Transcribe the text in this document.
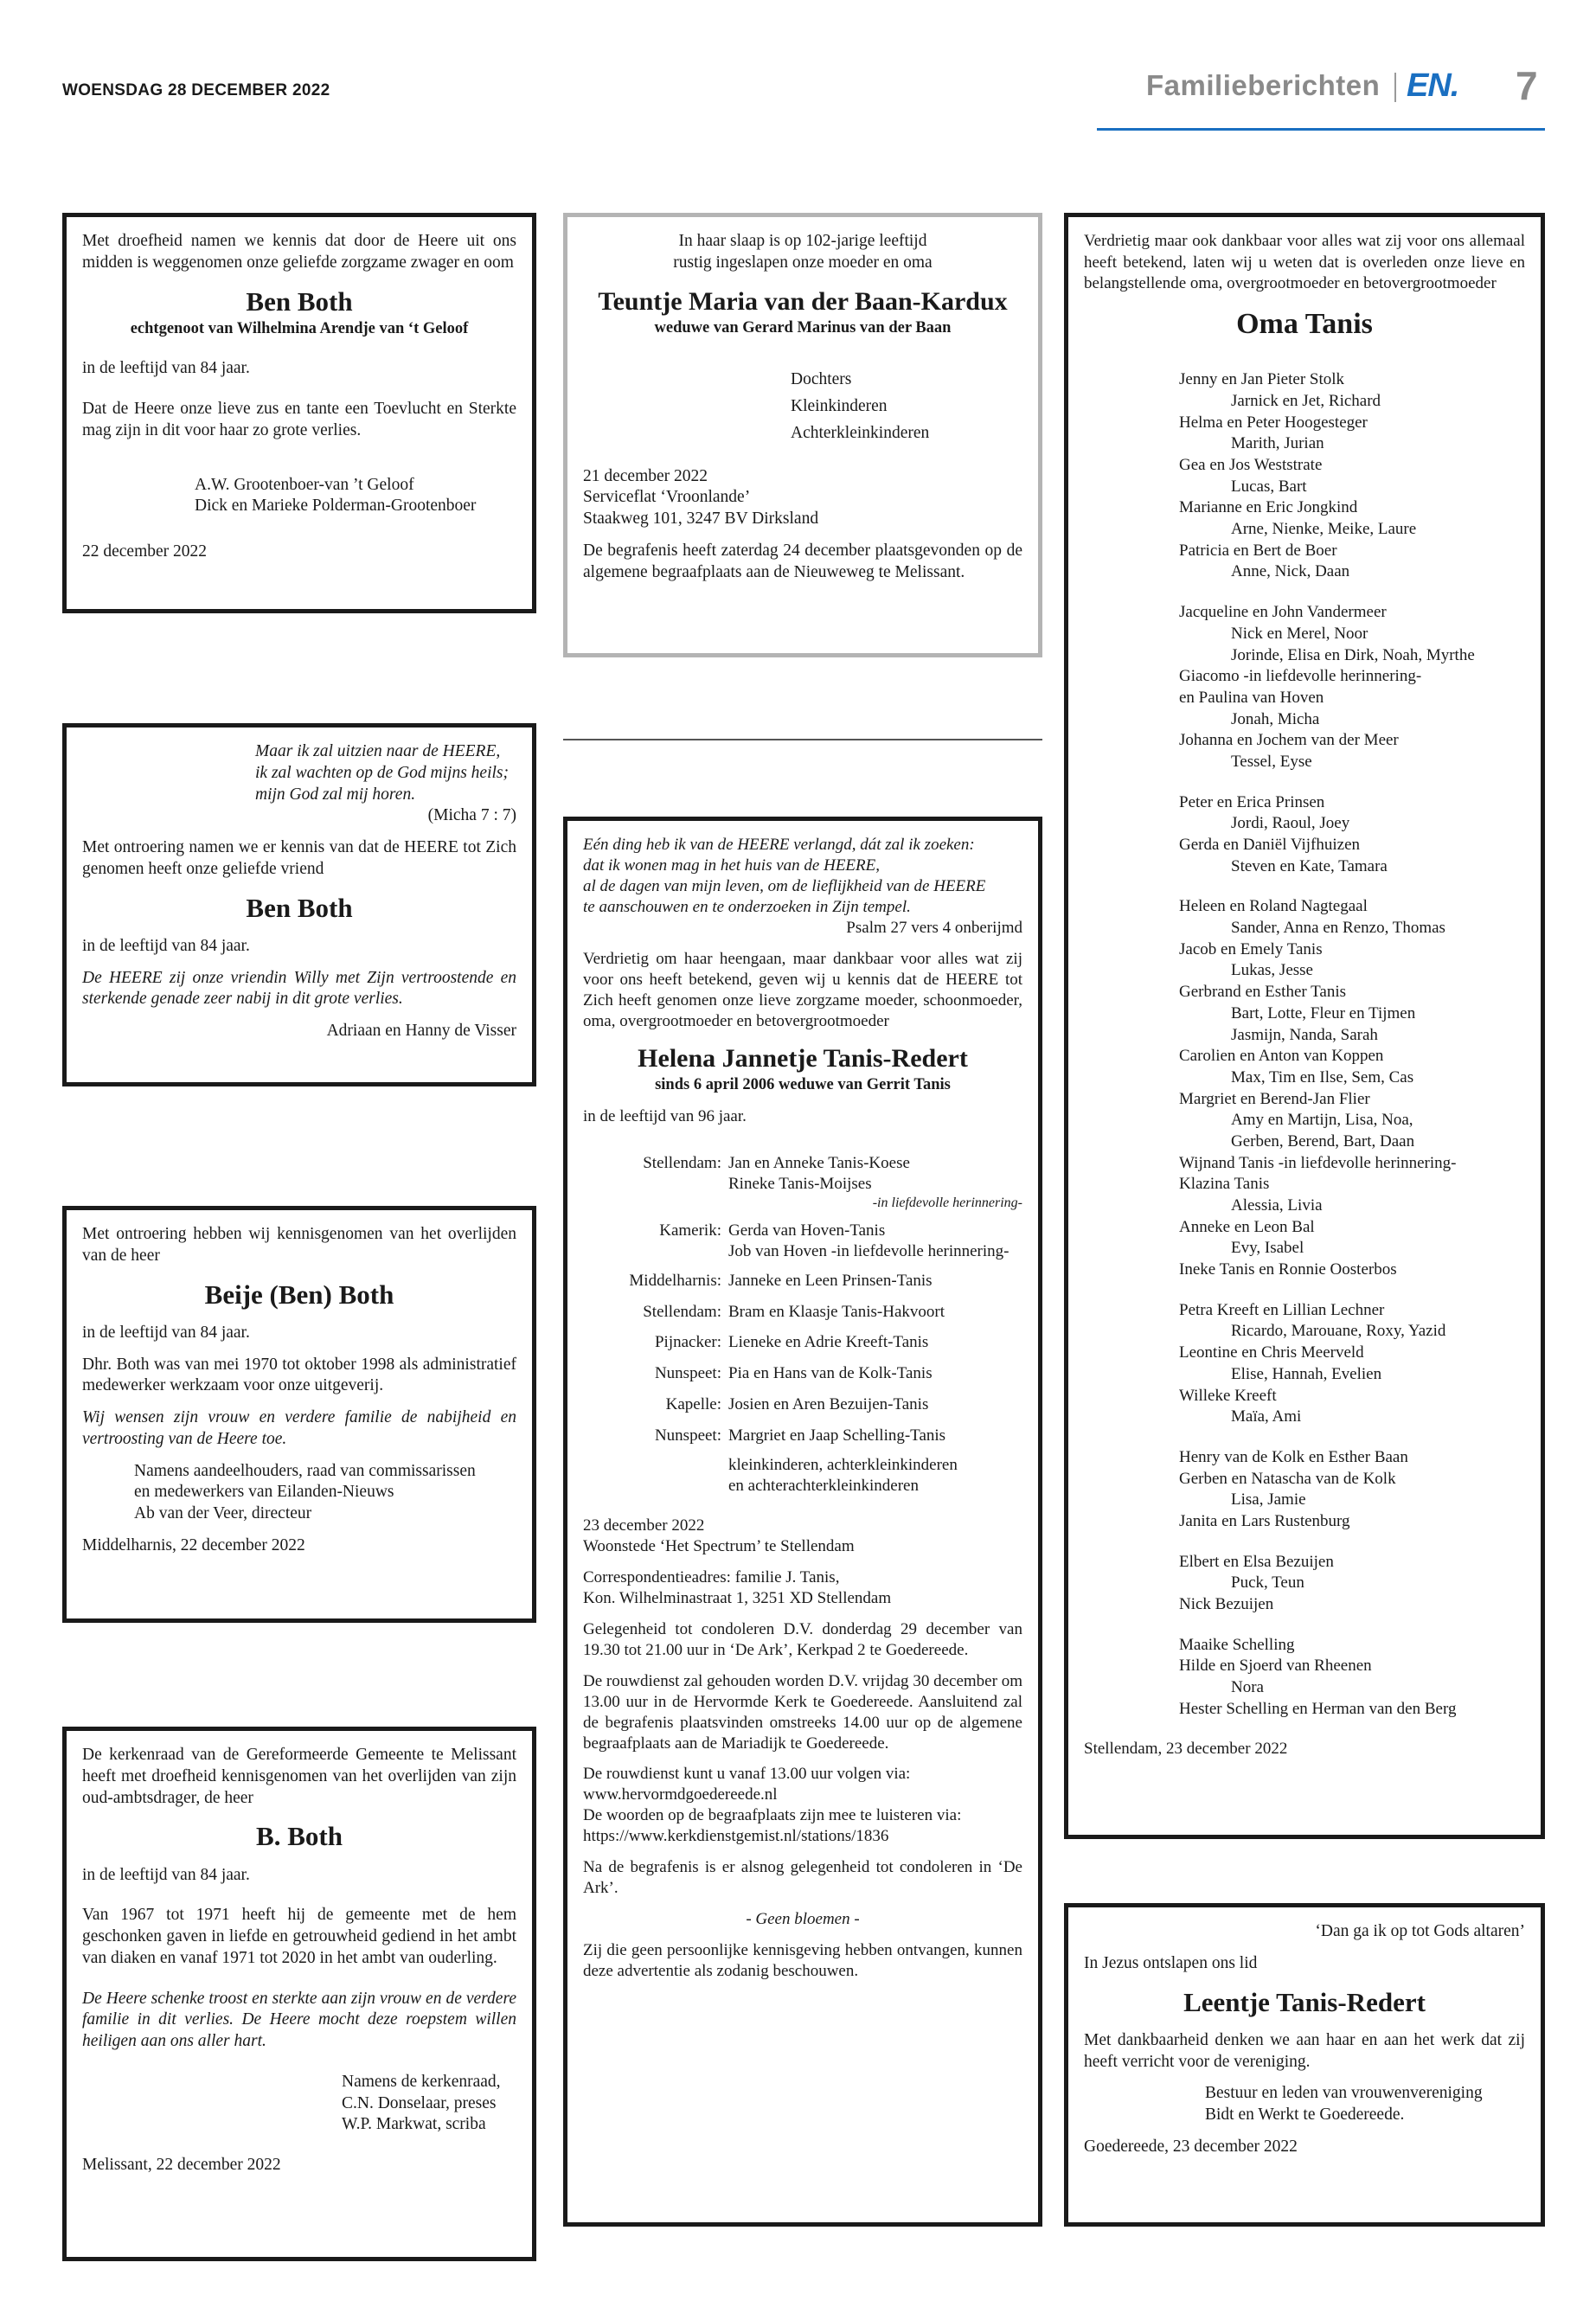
WOENSDAG 28 DECEMBER 2022	Familieberichten EN. 7

Met droefheid namen we kennis dat door de Heere uit ons midden is weggenomen onze geliefde zorgzame zwager en oom

Ben Both

echtgenoot van Wilhelmina Arendje van ‘t Geloof

in de leeftijd van 84 jaar.

Dat de Heere onze lieve zus en tante een Toevlucht en Sterkte mag zijn in dit voor haar zo grote verlies.

A.W. Grootenboer-van ’t Geloof

Dick en Marieke Polderman-Grootenboer

22 december 2022

Maar ik zal uitzien naar de HEERE,

ik zal wachten op de God mijns heils;

mijn God zal mij horen.

(Micha 7 : 7)

Met ontroering namen we er kennis van dat de HEERE tot Zich genomen heeft onze geliefde vriend

Ben Both

in de leeftijd van 84 jaar.

De HEERE zij onze vriendin Willy met Zijn vertroostende en sterkende genade zeer nabij in dit grote verlies.

Adriaan en Hanny de Visser

Met ontroering hebben wij kennisgenomen van het overlijden van de heer

Beije (Ben) Both

in de leeftijd van 84 jaar.

Dhr. Both was van mei 1970 tot oktober 1998 als administratief medewerker werkzaam voor onze uitgeverij.

Wij wensen zijn vrouw en verdere familie de nabijheid en vertroosting van de Heere toe.

Namens aandeelhouders, raad van commissarissen

en medewerkers van Eilanden-Nieuws

Ab van der Veer, directeur

Middelharnis, 22 december 2022

De kerkenraad van de Gereformeerde Gemeente te Melissant heeft met droefheid kennisgenomen van het overlijden van zijn oud-ambtsdrager, de heer

B. Both

in de leeftijd van 84 jaar.

Van 1967 tot 1971 heeft hij de gemeente met de hem geschonken gaven in liefde en getrouwheid gediend in het ambt van diaken en vanaf 1971 tot 2020 in het ambt van ouderling.

De Heere schenke troost en sterkte aan zijn vrouw en de verdere familie in dit verlies. De Heere mocht deze roepstem willen heiligen aan ons aller hart.

Namens de kerkenraad,

C.N. Donselaar, preses

W.P. Markwat, scriba

Melissant, 22 december 2022

In haar slaap is op 102-jarige leeftijd

rustig ingeslapen onze moeder en oma

Teuntje Maria van der Baan-Kardux

weduwe van Gerard Marinus van der Baan

Dochters

Kleinkinderen

Achterkleinkinderen

21 december 2022

Serviceflat ‘Vroonlande’

Staakweg 101, 3247 BV Dirksland

De begrafenis heeft zaterdag 24 december plaatsgevonden op de algemene begraafplaats aan de Nieuweweg te Melissant.

Eén ding heb ik van de HEERE verlangd, dát zal ik zoeken:

dat ik wonen mag in het huis van de HEERE,

al de dagen van mijn leven, om de lieflijkheid van de HEERE

te aanschouwen en te onderzoeken in Zijn tempel.

Psalm 27 vers 4 onberijmd

Verdrietig om haar heengaan, maar dankbaar voor alles wat zij voor ons heeft betekend, geven wij u kennis dat de HEERE tot Zich heeft genomen onze lieve zorgzame moeder, schoonmoeder, oma, overgrootmoeder en betovergrootmoeder

Helena Jannetje Tanis-Redert

sinds 6 april 2006 weduwe van Gerrit Tanis

in de leeftijd van 96 jaar.

Stellendam: Jan en Anneke Tanis-Koese
Rineke Tanis-Moijses
-in liefdevolle herinnering-
Kamerik: Gerda van Hoven-Tanis
Job van Hoven -in liefdevolle herinnering-
Middelharnis: Janneke en Leen Prinsen-Tanis
Stellendam: Bram en Klaasje Tanis-Hakvoort
Pijnacker: Lieneke en Adrie Kreeft-Tanis
Nunspeet: Pia en Hans van de Kolk-Tanis
Kapelle: Josien en Aren Bezuijen-Tanis
Nunspeet: Margriet en Jaap Schelling-Tanis
kleinkinderen, achterkleinkinderen
en achterachterkleinkinderen

23 december 2022

Woonstede ‘Het Spectrum’ te Stellendam

Correspondentieadres: familie J. Tanis,

Kon. Wilhelminastraat 1, 3251 XD Stellendam

Gelegenheid tot condoleren D.V. donderdag 29 december van 19.30 tot 21.00 uur in ‘De Ark’, Kerkpad 2 te Goedereede.

De rouwdienst zal gehouden worden D.V. vrijdag 30 december om 13.00 uur in de Hervormde Kerk te Goedereede. Aansluitend zal de begrafenis plaatsvinden omstreeks 14.00 uur op de algemene begraafplaats aan de Mariadijk te Goedereede.

De rouwdienst kunt u vanaf 13.00 uur volgen via:

www.hervormdgoedereede.nl

De woorden op de begraafplaats zijn mee te luisteren via: https://www.kerkdienstgemist.nl/stations/1836

Na de begrafenis is er alsnog gelegenheid tot condoleren in ‘De Ark’.

- Geen bloemen -

Zij die geen persoonlijke kennisgeving hebben ontvangen, kunnen deze advertentie als zodanig beschouwen.

Verdrietig maar ook dankbaar voor alles wat zij voor ons allemaal heeft betekend, laten wij u weten dat is overleden onze lieve en belangstellende oma, overgrootmoeder en betovergrootmoeder

Oma Tanis

Jenny en Jan Pieter Stolk

Jarnick en Jet, Richard

Helma en Peter Hoogesteger

Marith, Jurian

Gea en Jos Weststrate

Lucas, Bart

Marianne en Eric Jongkind

Arne, Nienke, Meike, Laure

Patricia en Bert de Boer

Anne, Nick, Daan

Jacqueline en John Vandermeer

Nick en Merel, Noor

Jorinde, Elisa en Dirk, Noah, Myrthe

Giacomo -in liefdevolle herinnering-

en Paulina van Hoven

Jonah, Micha

Johanna en Jochem van der Meer

Tessel, Eyse

Peter en Erica Prinsen

Jordi, Raoul, Joey

Gerda en Daniël Vijfhuizen

Steven en Kate, Tamara

Heleen en Roland Nagtegaal

Sander, Anna en Renzo, Thomas

Jacob en Emely Tanis

Lukas, Jesse

Gerbrand en Esther Tanis

Bart, Lotte, Fleur en Tijmen

Jasmijn, Nanda, Sarah

Carolien en Anton van Koppen

Max, Tim en Ilse, Sem, Cas

Margriet en Berend-Jan Flier

Amy en Martijn, Lisa, Noa,

Gerben, Berend, Bart, Daan

Wijnand Tanis -in liefdevolle herinnering-

Klazina Tanis

Alessia, Livia

Anneke en Leon Bal

Evy, Isabel

Ineke Tanis en Ronnie Oosterbos

Petra Kreeft en Lillian Lechner

Ricardo, Marouane, Roxy, Yazid

Leontine en Chris Meerveld

Elise, Hannah, Evelien

Willeke Kreeft

Maïa, Ami

Henry van de Kolk en Esther Baan

Gerben en Natascha van de Kolk

Lisa, Jamie

Janita en Lars Rustenburg

Elbert en Elsa Bezuijen

Puck, Teun

Nick Bezuijen

Maaike Schelling

Hilde en Sjoerd van Rheenen

Nora

Hester Schelling en Herman van den Berg

Stellendam, 23 december 2022

‘Dan ga ik op tot Gods altaren’

In Jezus ontslapen ons lid

Leentje Tanis-Redert

Met dankbaarheid denken we aan haar en aan het werk dat zij heeft verricht voor de vereniging.

Bestuur en leden van vrouwenvereniging

Bidt en Werkt te Goedereede.

Goedereede, 23 december 2022
